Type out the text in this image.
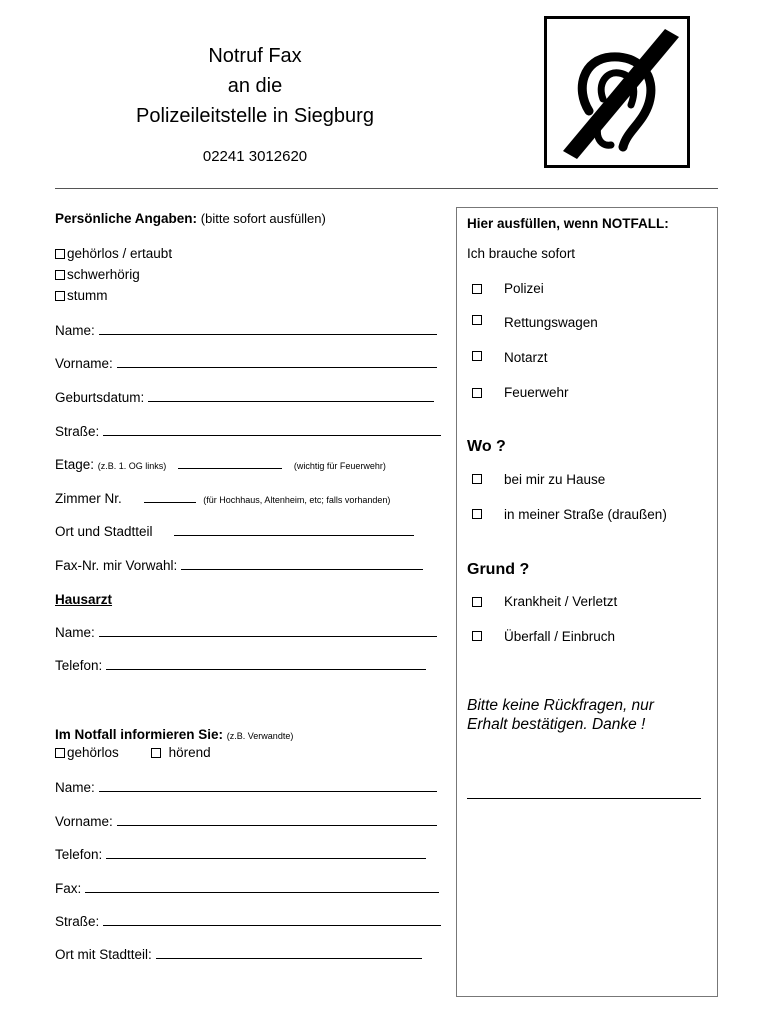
Notruf Fax
an die
Polizeileitstelle in Siegburg
02241 3012620
Persönliche Angaben: (bitte sofort ausfüllen)
gehörlos / ertaubt
schwerhörig
stumm
Name:
Vorname:
Geburtsdatum:
Straße:
Etage: (z.B. 1. OG links)	(wichtig für Feuerwehr)
Zimmer Nr.	(für Hochhaus, Altenheim, etc; falls vorhanden)
Ort und Stadtteil
Fax-Nr. mir Vorwahl:
Hausarzt
Name:
Telefon:
Im Notfall informieren Sie: (z.B. Verwandte)
gehörlos	hörend
Name:
Vorname:
Telefon:
Fax:
Straße:
Ort mit Stadtteil:
Hier ausfüllen, wenn NOTFALL:
Ich brauche sofort
Polizei
Rettungswagen
Notarzt
Feuerwehr
Wo ?
bei mir zu Hause
in meiner Straße (draußen)
Grund ?
Krankheit / Verletzt
Überfall / Einbruch
Bitte keine Rückfragen, nur
Erhalt bestätigen. Danke !
